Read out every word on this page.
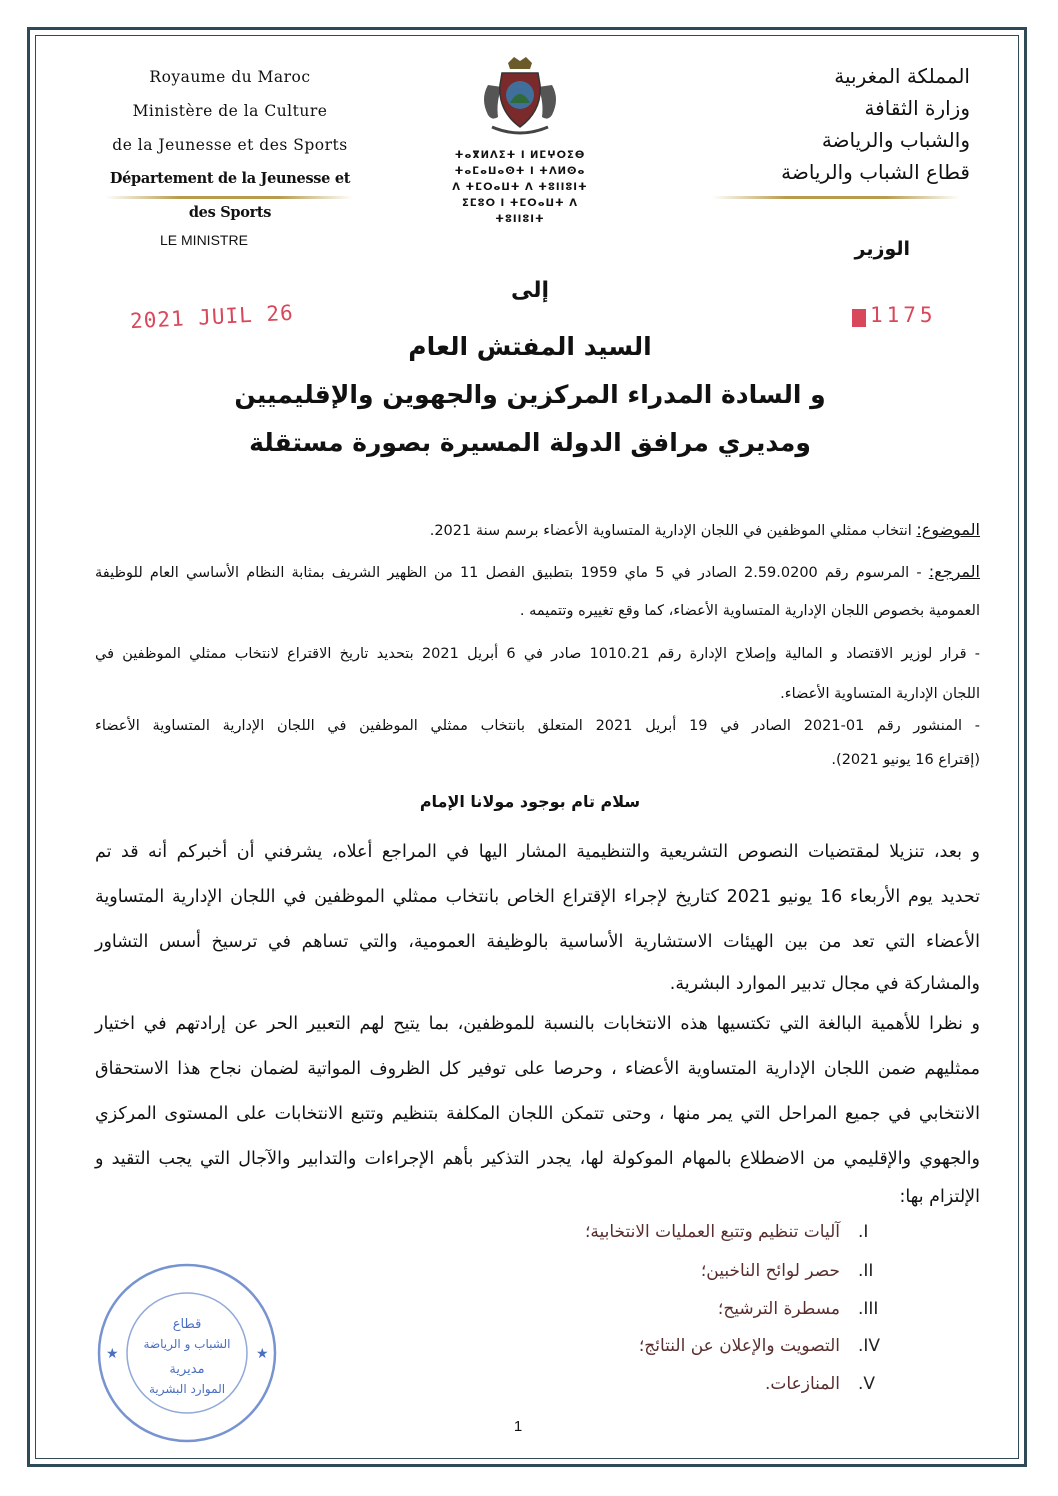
Royaume du Maroc
Ministère de la Culture
de la Jeunesse et des Sports
Département de la Jeunesse et des Sports
ⵜⴰⴳⵍⴷⵉⵜ ⵏ ⵍⵎⵖⵔⵉⴱ
ⵜⴰⵎⴰⵡⴰⵙⵜ ⵏ ⵜⴷⵍⵙⴰ
ⴷ ⵜⵎⵔⴰⵡⵜ ⴷ ⵜⵓⵏⵏⵓⵏⵜ
ⵉⵎⵓⵔ ⵏ ⵜⵎⵔⴰⵡⵜ ⴷ ⵜⵓⵏⵏⵓⵏⵜ
المملكة المغربية
وزارة الثقافة
والشباب والرياضة
قطاع الشباب والرياضة
LE MINISTRE	الوزير
2021 JUIL 26	1175
إلى
السيد المفتش العام
و السادة المدراء المركزين والجهوين والإقليميين
ومديري مرافق الدولة المسيرة بصورة مستقلة
الموضوع: انتخاب ممثلي الموظفين في اللجان الإدارية المتساوية الأعضاء برسم سنة 2021.
المرجع: - المرسوم رقم 2.59.0200 الصادر في 5 ماي 1959 بتطبيق الفصل 11 من الظهير الشريف بمثابة النظام الأساسي العام للوظيفة
العمومية بخصوص اللجان الإدارية المتساوية الأعضاء، كما وقع تغييره وتتميمه .
- قرار لوزير الاقتصاد و المالية وإصلاح الإدارة رقم 1010.21 صادر في 6 أبريل 2021 بتحديد تاريخ الاقتراع لانتخاب ممثلي الموظفين في
اللجان الإدارية المتساوية الأعضاء.
- المنشور رقم 01-2021 الصادر في 19 أبريل 2021 المتعلق بانتخاب ممثلي الموظفين في اللجان الإدارية المتساوية الأعضاء
(إقتراع 16 يونيو 2021).
سلام تام بوجود مولانا الإمام
و بعد، تنزيلا لمقتضيات النصوص التشريعية والتنظيمية المشار اليها في المراجع أعلاه، يشرفني أن أخبركم أنه قد تم
تحديد يوم الأربعاء 16 يونيو 2021 كتاريخ لإجراء الإقتراع الخاص بانتخاب ممثلي الموظفين في اللجان الإدارية المتساوية
الأعضاء التي تعد من بين الهيئات الاستشارية الأساسية بالوظيفة العمومية، والتي تساهم في ترسيخ أسس التشاور
والمشاركة في مجال تدبير الموارد البشرية.
و نظرا للأهمية البالغة التي تكتسيها هذه الانتخابات بالنسبة للموظفين، بما يتيح لهم التعبير الحر عن إرادتهم في اختيار
ممثليهم ضمن اللجان الإدارية المتساوية الأعضاء ، وحرصا على توفير كل الظروف المواتية لضمان نجاح هذا الاستحقاق
الانتخابي في جميع المراحل التي يمر منها ، وحتى تتمكن اللجان المكلفة بتنظيم وتتبع الانتخابات على المستوى المركزي
والجهوي والإقليمي من الاضطلاع بالمهام الموكولة لها، يجدر التذكير بأهم الإجراءات والتدابير والآجال التي يجب التقيد و
الإلتزام بها:
.I
آليات تنظيم وتتبع العمليات الانتخابية؛
.II
حصر لوائح الناخبين؛
.III
مسطرة الترشيح؛
.IV
التصويت والإعلان عن النتائج؛
.V
المنازعات.
★	★
قطاع
الشباب و الرياضة
مديرية
الموارد البشرية
1
